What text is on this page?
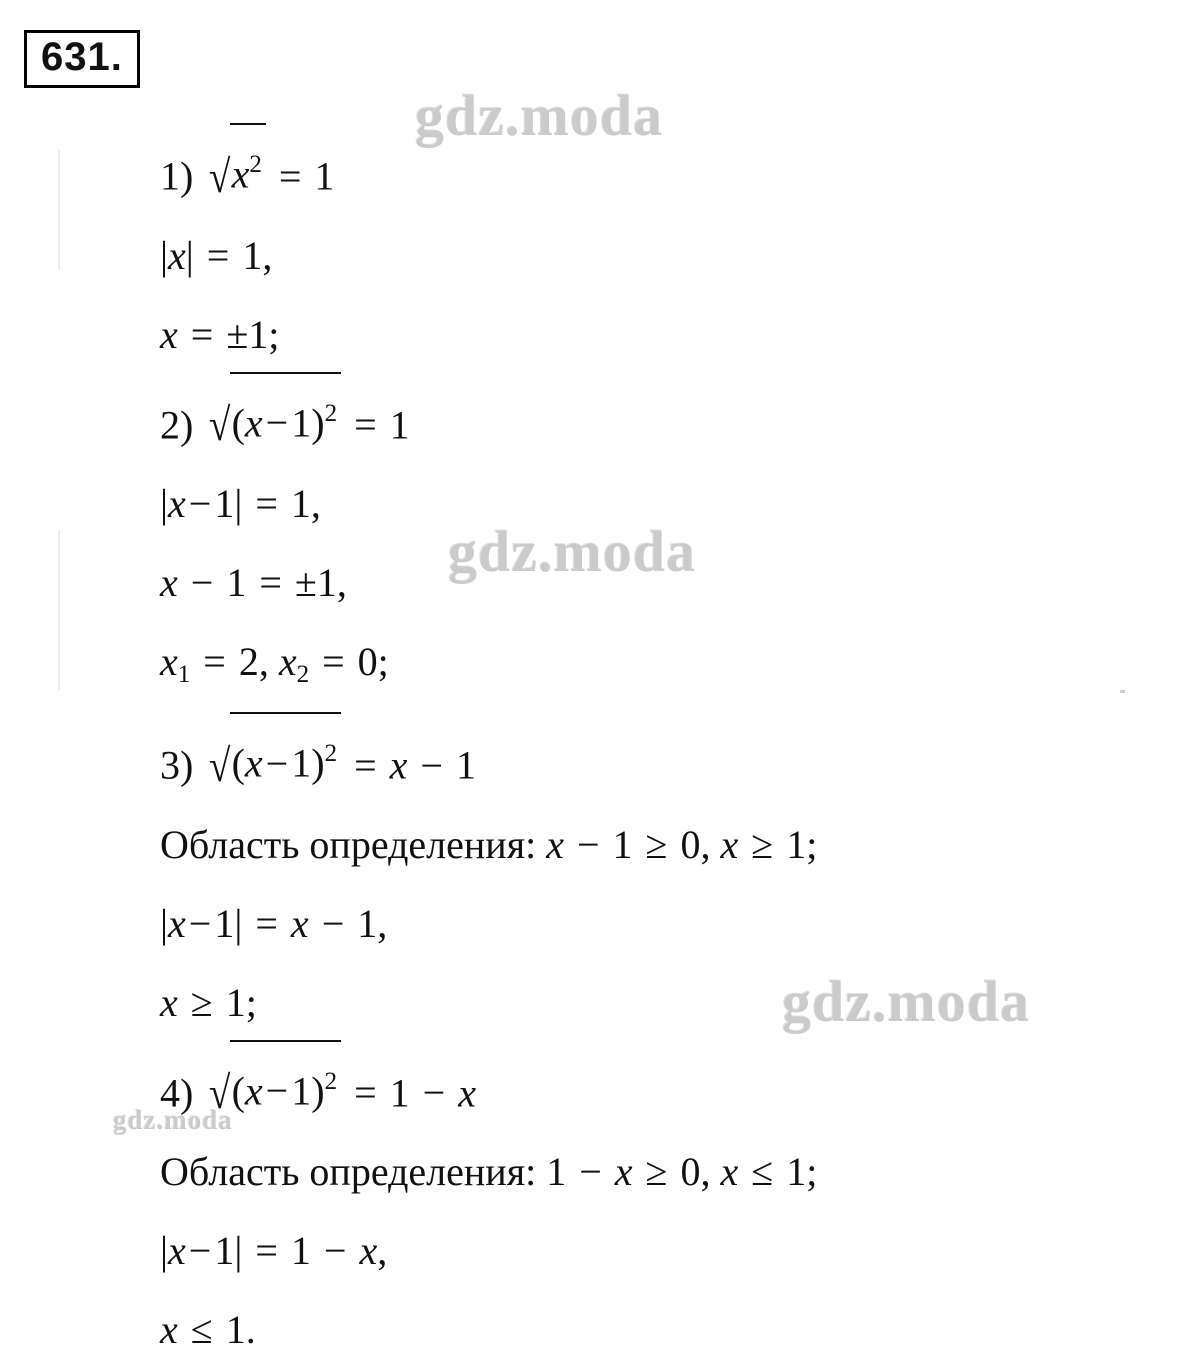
631.
gdz.moda
gdz.moda
gdz.moda
gdz.moda
1) $√x^2 = 1$
|x| = 1,
x = ±1;
2) $√(x-1)^2 = 1$
|x−1| = 1,
x − 1 = ±1,
$x_1 = 2$, $x_2 = 0$;
3) $√(x-1)^2 = x - 1$
Область определения: x − 1 ≥ 0, x ≥ 1;
|x−1| = x − 1,
x ≥ 1;
4) $√(x-1)^2 = 1 - x$
Область определения: 1 − x ≥ 0, x ≤ 1;
|x−1| = 1 − x,
x ≤ 1.
